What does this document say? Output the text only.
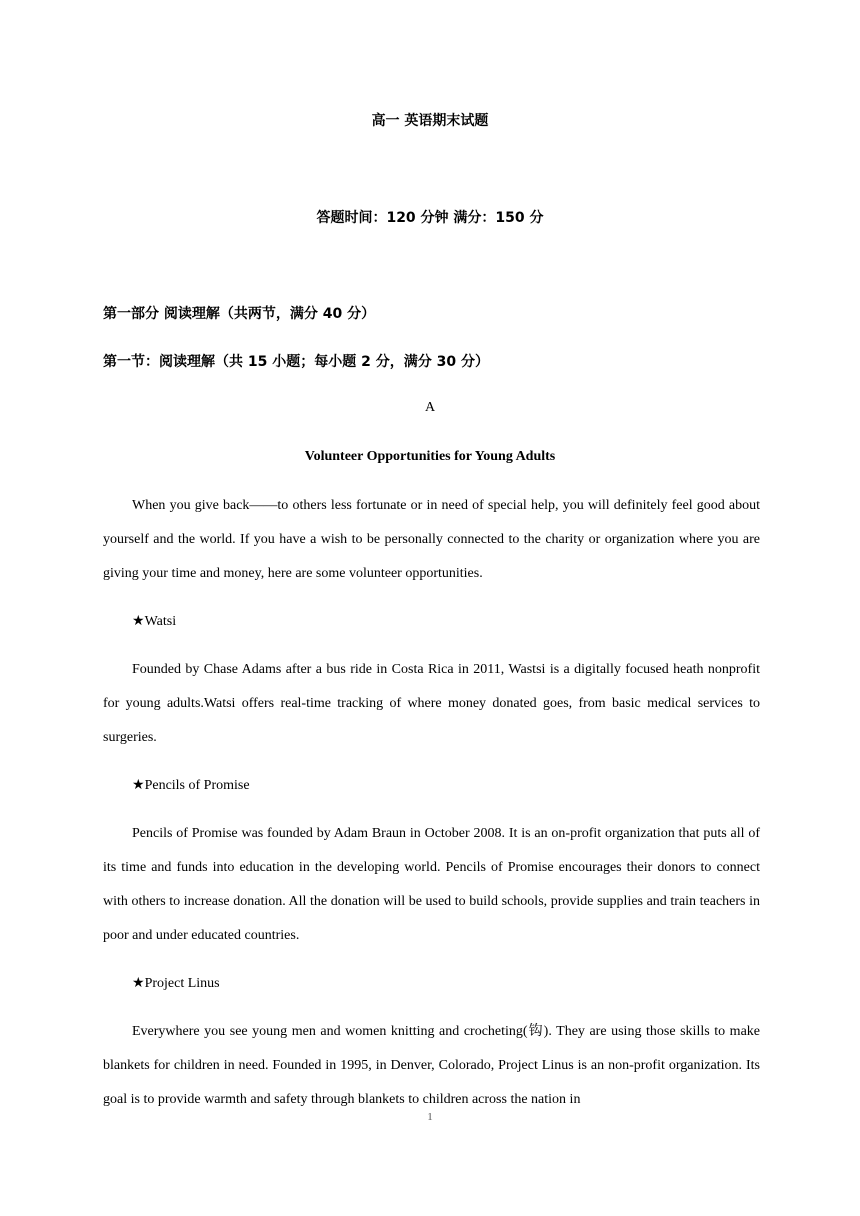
高一 英语期末试题
答题时间：120 分钟 满分：150 分
第一部分 阅读理解（共两节，满分 40 分）
第一节：阅读理解（共 15 小题；每小题 2 分，满分 30 分）
A
Volunteer Opportunities for Young Adults

When you give back——to others less fortunate or in need of special help, you will definitely feel good about yourself and the world. If you have a wish to be personally connected to the charity or organization where you are giving your time and money, here are some volunteer opportunities.

★Watsi

Founded by Chase Adams after a bus ride in Costa Rica in 2011, Wastsi is a digitally focused heath nonprofit for young adults.Watsi offers real-time tracking of where money donated goes, from basic medical services to surgeries.

★Pencils of Promise

Pencils of Promise was founded by Adam Braun in October 2008. It is an on-profit organization that puts all of its time and funds into education in the developing world. Pencils of Promise encourages their donors to connect with others to increase donation. All the donation will be used to build schools, provide supplies and train teachers in poor and under educated countries.

★Project Linus

Everywhere you see young men and women knitting and crocheting(钩). They are using those skills to make blankets for children in need. Founded in 1995, in Denver, Colorado, Project Linus is an non-profit organization. Its goal is to provide warmth and safety through blankets to children across the nation in

1
